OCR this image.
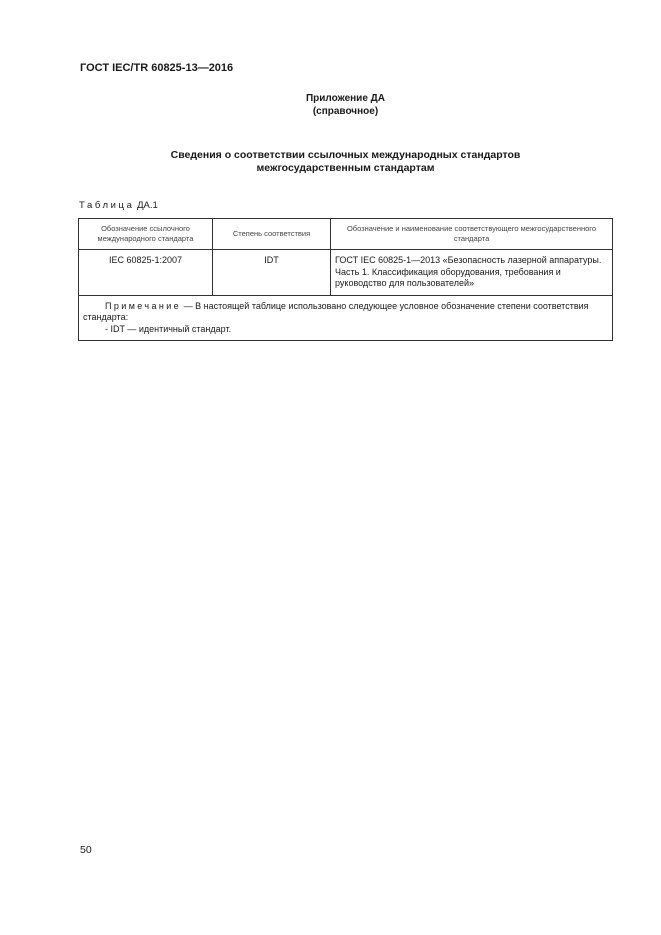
ГОСТ IEC/TR 60825-13—2016
Приложение ДА
(справочное)
Сведения о соответствии ссылочных международных стандартов
межгосударственным стандартам
Таблица ДА.1
Обозначение ссылочного международного стандарта	Степень соответствия	Обозначение и наименование соответствующего межгосударственного стандарта
IEC 60825-1:2007	IDT	ГОСТ IEC 60825-1—2013 «Безопасность лазерной аппаратуры. Часть 1. Классификация оборудования, требования и руководство для пользователей»

Примечание — В настоящей таблице использовано следующее условное обозначение степени соответствия стандарта:
- IDT — идентичный стандарт.		
50
